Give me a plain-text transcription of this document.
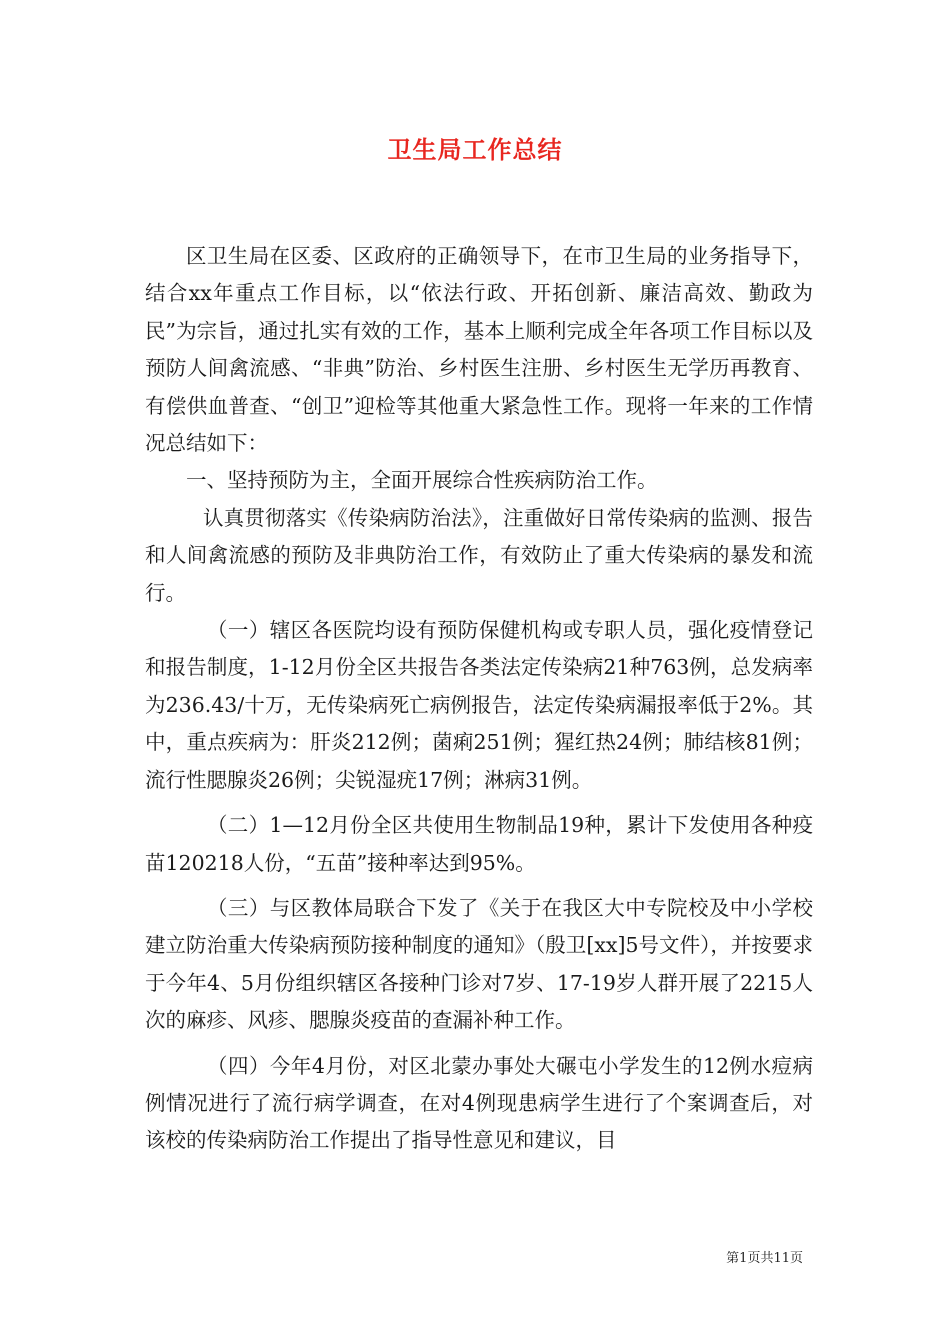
卫生局工作总结

区卫生局在区委、区政府的正确领导下，在市卫生局的业务指导下，结合xx年重点工作目标，以“依法行政、开拓创新、廉洁高效、勤政为民”为宗旨，通过扎实有效的工作，基本上顺利完成全年各项工作目标以及预防人间禽流感、“非典”防治、乡村医生注册、乡村医生无学历再教育、有偿供血普查、“创卫”迎检等其他重大紧急性工作。现将一年来的工作情况总结如下：

一、坚持预防为主，全面开展综合性疾病防治工作。

认真贯彻落实《传染病防治法》，注重做好日常传染病的监测、报告和人间禽流感的预防及非典防治工作，有效防止了重大传染病的暴发和流行。

（一）辖区各医院均设有预防保健机构或专职人员，强化疫情登记和报告制度，1-12月份全区共报告各类法定传染病21种763例，总发病率为236.43/十万，无传染病死亡病例报告，法定传染病漏报率低于2%。其中，重点疾病为：肝炎212例；菌痢251例；猩红热24例；肺结核81例；流行性腮腺炎26例；尖锐湿疣17例；淋病31例。

（二）1—12月份全区共使用生物制品19种，累计下发使用各种疫苗120218人份，“五苗”接种率达到95%。

（三）与区教体局联合下发了《关于在我区大中专院校及中小学校建立防治重大传染病预防接种制度的通知》（殷卫[xx]5号文件），并按要求于今年4、5月份组织辖区各接种门诊对7岁、17-19岁人群开展了2215人次的麻疹、风疹、腮腺炎疫苗的查漏补种工作。

（四）今年4月份，对区北蒙办事处大碾屯小学发生的12例水痘病例情况进行了流行病学调查，在对4例现患病学生进行了个案调查后，对该校的传染病防治工作提出了指导性意见和建议，目

第1页共11页
